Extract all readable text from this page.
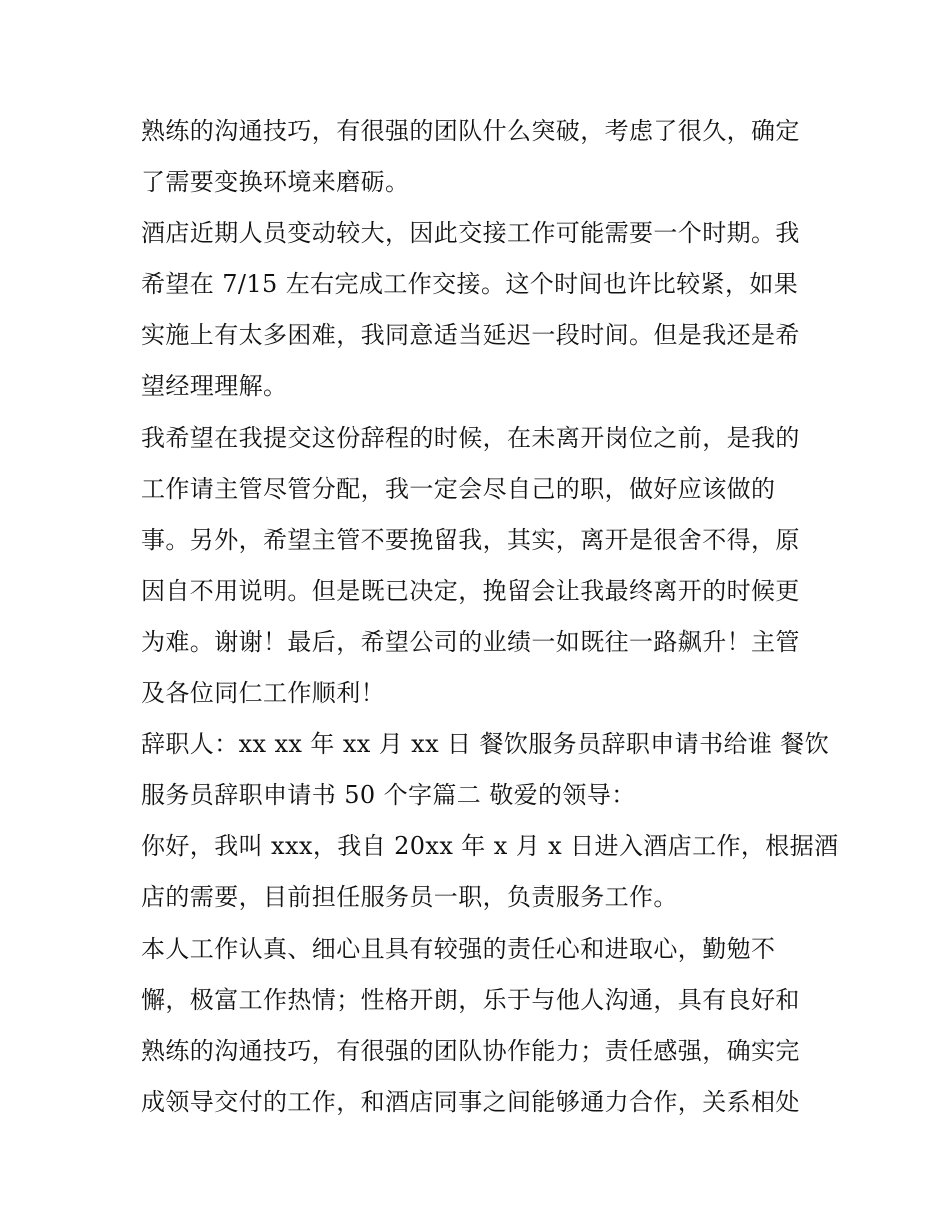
熟练的沟通技巧，有很强的团队什么突破，考虑了很久，确定
了需要变换环境来磨砺。
酒店近期人员变动较大，因此交接工作可能需要一个时期。我
希望在 7/15 左右完成工作交接。这个时间也许比较紧，如果
实施上有太多困难，我同意适当延迟一段时间。但是我还是希
望经理理解。
我希望在我提交这份辞程的时候，在未离开岗位之前，是我的
工作请主管尽管分配，我一定会尽自己的职，做好应该做的
事。另外，希望主管不要挽留我，其实，离开是很舍不得，原
因自不用说明。但是既已决定，挽留会让我最终离开的时候更
为难。谢谢！最后，希望公司的业绩一如既往一路飙升！主管
及各位同仁工作顺利！
辞职人：xx xx 年 xx 月 xx 日 餐饮服务员辞职申请书给谁 餐饮
服务员辞职申请书 50 个字篇二 敬爱的领导：
你好，我叫 xxx，我自 20xx 年 x 月 x 日进入酒店工作，根据酒
店的需要，目前担任服务员一职，负责服务工作。
本人工作认真、细心且具有较强的责任心和进取心，勤勉不
懈，极富工作热情；性格开朗，乐于与他人沟通，具有良好和
熟练的沟通技巧，有很强的团队协作能力；责任感强，确实完
成领导交付的工作，和酒店同事之间能够通力合作，关系相处
